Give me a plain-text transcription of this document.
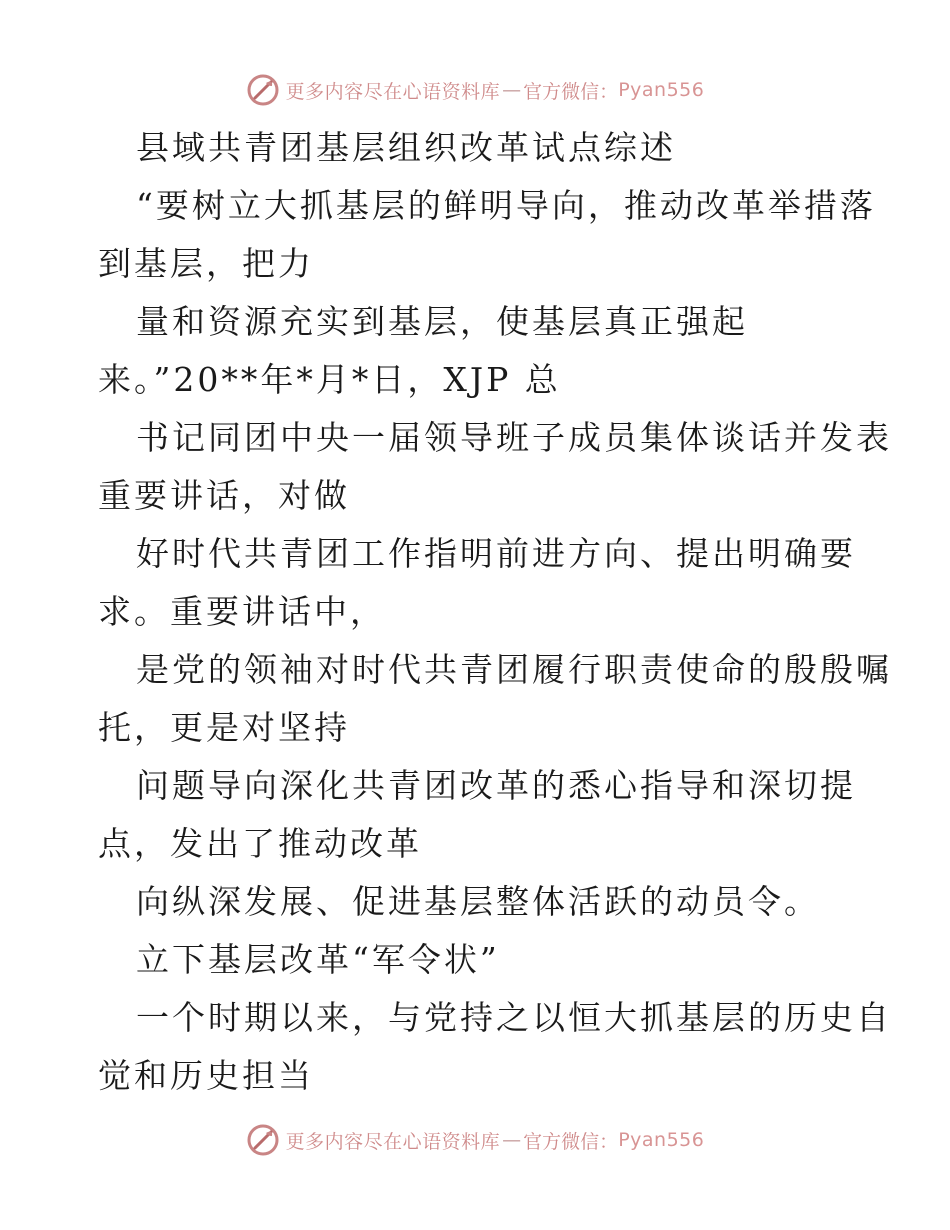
更多内容尽在心语资料库 — 官方微信： Pyan556
县域共青团基层组织改革试点综述
“要树立大抓基层的鲜明导向，推动改革举措落
到基层，把力
量和资源充实到基层，使基层真正强起
来。”20**年*月*日，XJP 总
书记同团中央一届领导班子成员集体谈话并发表
重要讲话，对做
好时代共青团工作指明前进方向、提出明确要
求。重要讲话中，
是党的领袖对时代共青团履行职责使命的殷殷嘱
托，更是对坚持
问题导向深化共青团改革的悉心指导和深切提
点，发出了推动改革
向纵深发展、促进基层整体活跃的动员令。
立下基层改革“军令状”
一个时期以来，与党持之以恒大抓基层的历史自
觉和历史担当
更多内容尽在心语资料库 — 官方微信： Pyan556
